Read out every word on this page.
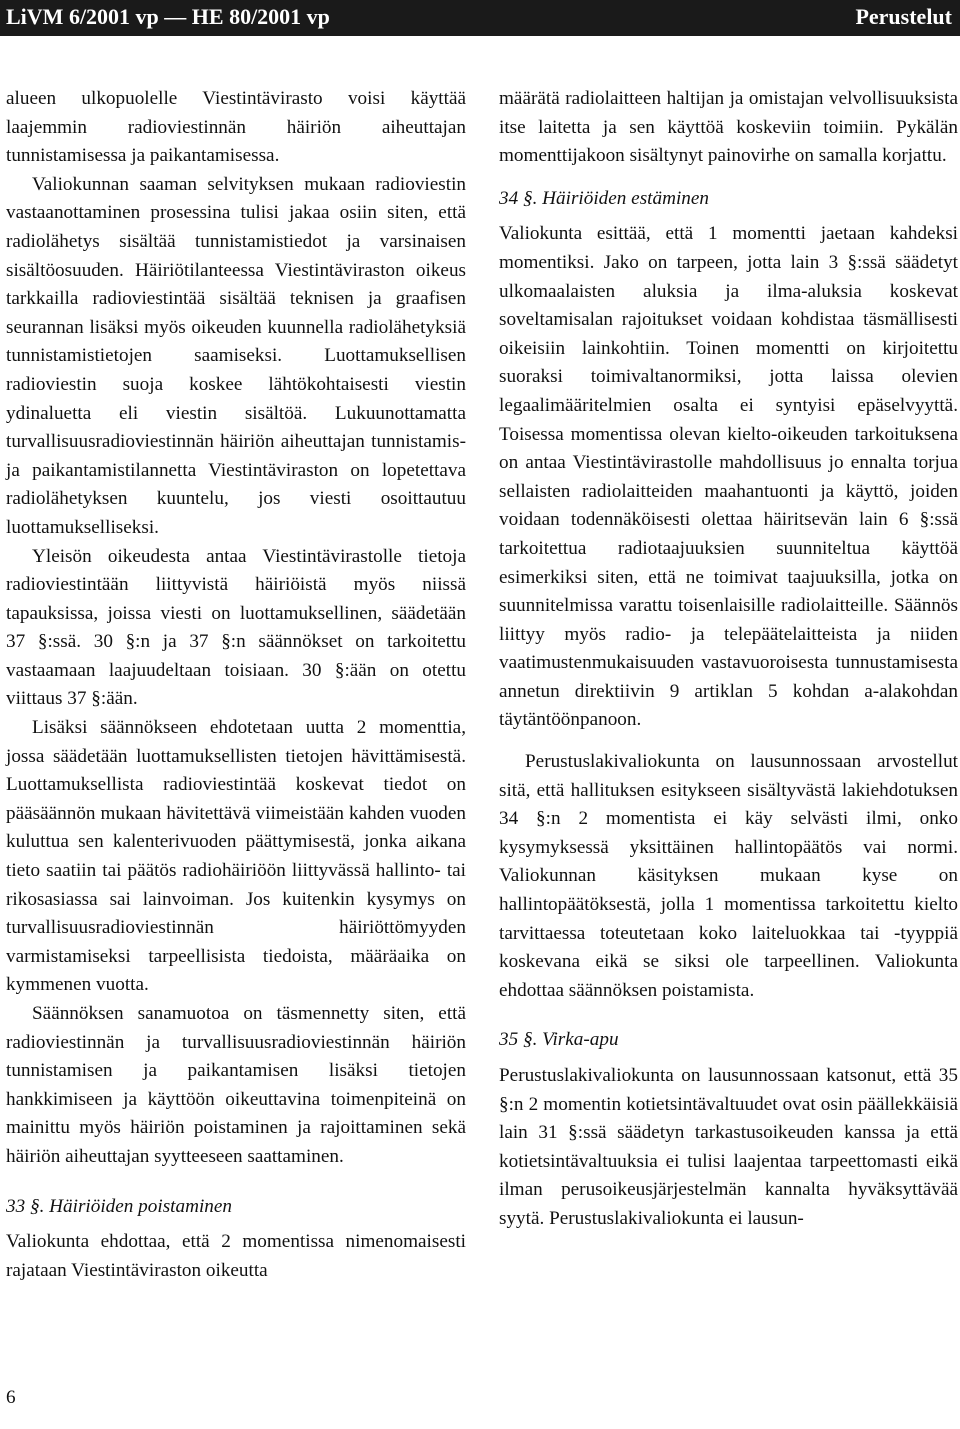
LiVM 6/2001 vp — HE 80/2001 vp	Perustelut

alueen ulkopuolelle Viestintävirasto voisi käyttää laajemmin radioviestinnän häiriön aiheuttajan tunnistamisessa ja paikantamisessa.

Valiokunnan saaman selvityksen mukaan radioviestin vastaanottaminen prosessina tulisi jakaa osiin siten, että radiolähetys sisältää tunnistamistiedot ja varsinaisen sisältöosuuden. Häiriötilanteessa Viestintäviraston oikeus tarkkailla radioviestintää sisältää teknisen ja graafisen seurannan lisäksi myös oikeuden kuunnella radiolähetyksiä tunnistamistietojen saamiseksi. Luottamuksellisen radioviestin suoja koskee lähtökohtaisesti viestin ydinaluetta eli viestin sisältöä. Lukuunottamatta turvallisuusradioviestinnän häiriön aiheuttajan tunnistamis- ja paikantamistilannetta Viestintäviraston on lopetettava radiolähetyksen kuuntelu, jos viesti osoittautuu luottamukselliseksi.

Yleisön oikeudesta antaa Viestintävirastolle tietoja radioviestintään liittyvistä häiriöistä myös niissä tapauksissa, joissa viesti on luottamuksellinen, säädetään 37 §:ssä. 30 §:n ja 37 §:n säännökset on tarkoitettu vastaamaan laajuudeltaan toisiaan. 30 §:ään on otettu viittaus 37 §:ään.

Lisäksi säännökseen ehdotetaan uutta 2 momenttia, jossa säädetään luottamuksellisten tietojen hävittämisestä. Luottamuksellista radioviestintää koskevat tiedot on pääsäännön mukaan hävitettävä viimeistään kahden vuoden kuluttua sen kalenterivuoden päättymisestä, jonka aikana tieto saatiin tai päätös radiohäiriöön liittyvässä hallinto- tai rikosasiassa sai lainvoiman. Jos kuitenkin kysymys on turvallisuusradioviestinnän häiriöttömyyden varmistamiseksi tarpeellisista tiedoista, määräaika on kymmenen vuotta.

Säännöksen sanamuotoa on täsmennetty siten, että radioviestinnän ja turvallisuusradioviestinnän häiriön tunnistamisen ja paikantamisen lisäksi tietojen hankkimiseen ja käyttöön oikeuttavina toimenpiteinä on mainittu myös häiriön poistaminen ja rajoittaminen sekä häiriön aiheuttajan syytteeseen saattaminen.

33 §. Häiriöiden poistaminen

Valiokunta ehdottaa, että 2 momentissa nimenomaisesti rajataan Viestintäviraston oikeutta

määrätä radiolaitteen haltijan ja omistajan velvollisuuksista itse laitetta ja sen käyttöä koskeviin toimiin. Pykälän momenttijakoon sisältynyt painovirhe on samalla korjattu.

34 §. Häiriöiden estäminen

Valiokunta esittää, että 1 momentti jaetaan kahdeksi momentiksi. Jako on tarpeen, jotta lain 3 §:ssä säädetyt ulkomaalaisten aluksia ja ilma-aluksia koskevat soveltamisalan rajoitukset voidaan kohdistaa täsmällisesti oikeisiin lainkohtiin. Toinen momentti on kirjoitettu suoraksi toimivaltanormiksi, jotta laissa olevien legaalimääritelmien osalta ei syntyisi epäselvyyttä. Toisessa momentissa olevan kielto-oikeuden tarkoituksena on antaa Viestintävirastolle mahdollisuus jo ennalta torjua sellaisten radiolaitteiden maahantuonti ja käyttö, joiden voidaan todennäköisesti olettaa häiritsevän lain 6 §:ssä tarkoitettua radiotaajuuksien suunniteltua käyttöä esimerkiksi siten, että ne toimivat taajuuksilla, jotka on suunnitelmissa varattu toisenlaisille radiolaitteille. Säännös liittyy myös radio- ja telepäätelaitteista ja niiden vaatimustenmukaisuuden vastavuoroisesta tunnustamisesta annetun direktiivin 9 artiklan 5 kohdan a-alakohdan täytäntöönpanoon.

Perustuslakivaliokunta on lausunnossaan arvostellut sitä, että hallituksen esitykseen sisältyvästä lakiehdotuksen 34 §:n 2 momentista ei käy selvästi ilmi, onko kysymyksessä yksittäinen hallintopäätös vai normi. Valiokunnan käsityksen mukaan kyse on hallintopäätöksestä, jolla 1 momentissa tarkoitettu kielto tarvittaessa toteutetaan koko laiteluokkaa tai -tyyppiä koskevana eikä se siksi ole tarpeellinen. Valiokunta ehdottaa säännöksen poistamista.

35 §. Virka-apu

Perustuslakivaliokunta on lausunnossaan katsonut, että 35 §:n 2 momentin kotietsintävaltuudet ovat osin päällekkäisiä lain 31 §:ssä säädetyn tarkastusoikeuden kanssa ja että kotietsintävaltuuksia ei tulisi laajentaa tarpeettomasti eikä ilman perusoikeusjärjestelmän kannalta hyväksyttävää syytä. Perustuslakivaliokunta ei lausun-

6
